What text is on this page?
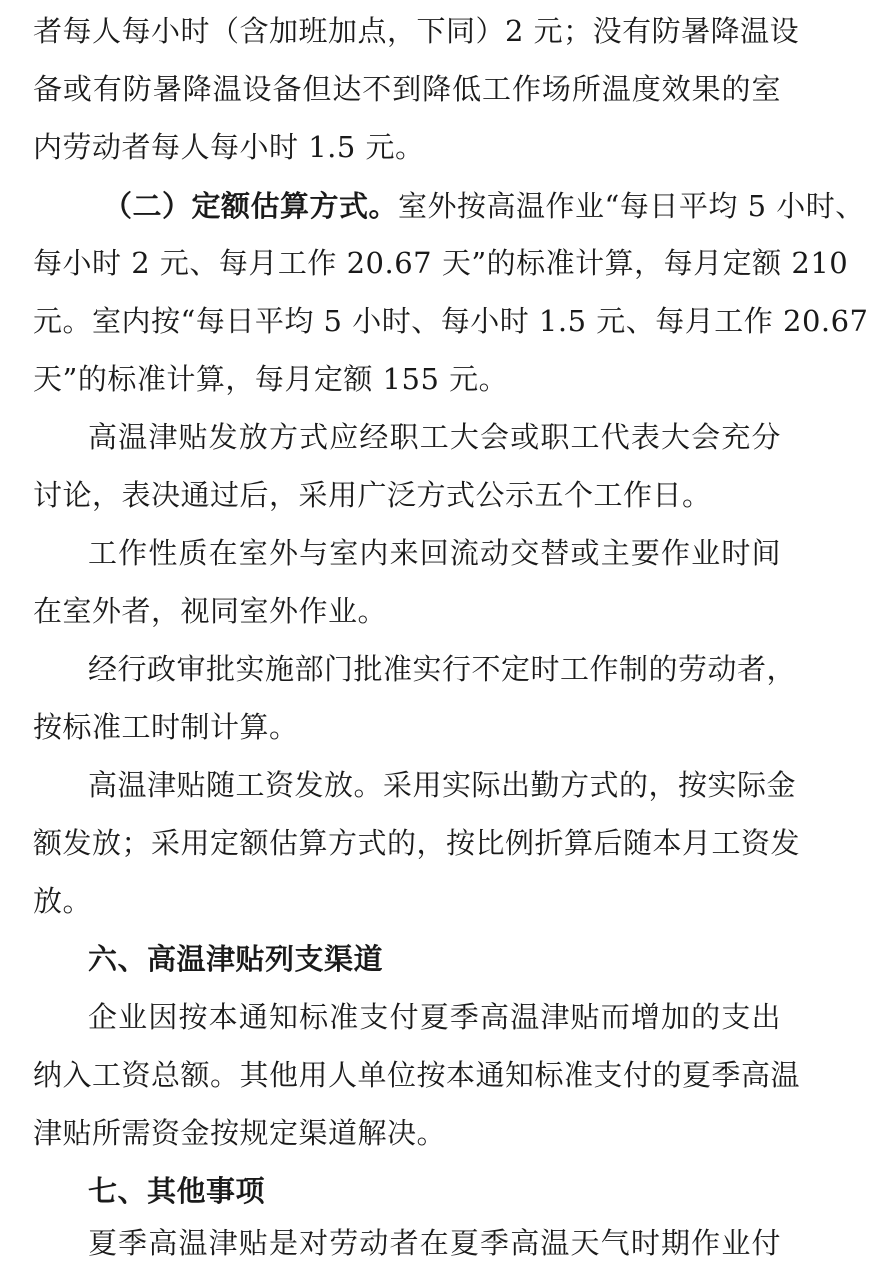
者每人每小时（含加班加点，下同）2 元；没有防暑降温设
备或有防暑降温设备但达不到降低工作场所温度效果的室
内劳动者每人每小时 1.5 元。
（二）定额估算方式。室外按高温作业“每日平均 5 小时、
每小时 2 元、每月工作 20.67 天”的标准计算，每月定额 210
元。室内按“每日平均 5 小时、每小时 1.5 元、每月工作 20.67
天”的标准计算，每月定额 155 元。
高温津贴发放方式应经职工大会或职工代表大会充分
讨论，表决通过后，采用广泛方式公示五个工作日。
工作性质在室外与室内来回流动交替或主要作业时间
在室外者，视同室外作业。
经行政审批实施部门批准实行不定时工作制的劳动者，
按标准工时制计算。
高温津贴随工资发放。采用实际出勤方式的，按实际金
额发放；采用定额估算方式的，按比例折算后随本月工资发
放。
六、高温津贴列支渠道
企业因按本通知标准支付夏季高温津贴而增加的支出
纳入工资总额。其他用人单位按本通知标准支付的夏季高温
津贴所需资金按规定渠道解决。
七、其他事项
夏季高温津贴是对劳动者在夏季高温天气时期作业付
